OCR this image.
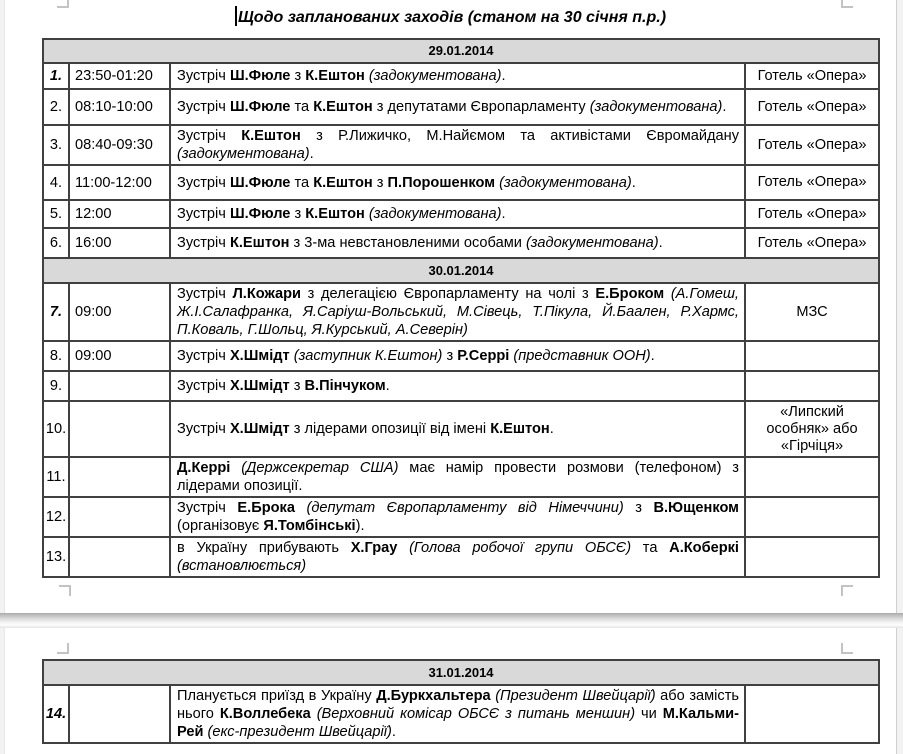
Щодо запланованих заходів (станом на 30 січня п.р.)
29.01.2014			
1.	23:50-01:20	Зустріч Ш.Фюле з К.Ештон (задокументована).	Готель «Опера»
2.	08:10-10:00	Зустріч Ш.Фюле та К.Ештон з депутатами Європарламенту (задокументована).	Готель «Опера»
3.	08:40-09:30	Зустріч К.Ештон з Р.Лижичко, М.Найємом та активістами Євромайдану (задокументована).	Готель «Опера»
4.	11:00-12:00	Зустріч Ш.Фюле та К.Ештон з П.Порошенком (задокументована).	Готель «Опера»
5.	12:00	Зустріч Ш.Фюле з К.Ештон (задокументована).	Готель «Опера»
6.	16:00	Зустріч К.Ештон з 3-ма невстановленими особами (задокументована).	Готель «Опера»
30.01.2014			
7.	09:00	Зустріч Л.Кожари з делегацією Європарламенту на чолі з Е.Броком (А.Гомеш, Ж.І.Салафранка, Я.Саріуш-Вольський, М.Сівець, Т.Пікула, Й.Баален, Р.Хармс, П.Коваль, Г.Шольц, Я.Курський, А.Северін)	МЗС
8.	09:00	Зустріч Х.Шмідт (заступник К.Ештон) з Р.Серрі (представник ООН).	
9.		Зустріч Х.Шмідт з В.Пінчуком.	
10.		Зустріч Х.Шмідт з лідерами опозиції від імені К.Ештон.	«Липский особняк» або «Гірчіця»
11.		Д.Керрі (Держсекретар США) має намір провести розмови (телефоном) з лідерами опозиції.	
12.		Зустріч Е.Брока (депутат Європарламенту від Німеччини) з В.Ющенком (організовує Я.Томбінські).	
13.		в Україну прибувають Х.Грау (Голова робочої групи ОБСЄ) та А.Коберкі (встановлюється)	
31.01.2014
14.		Планується приїзд в Україну Д.Буркхальтера (Президент Швейцарії) або замість нього К.Воллебека (Верховний комісар ОБСЄ з питань меншин) чи М.Кальми-Рей (екс-президент Швейцарії).	
